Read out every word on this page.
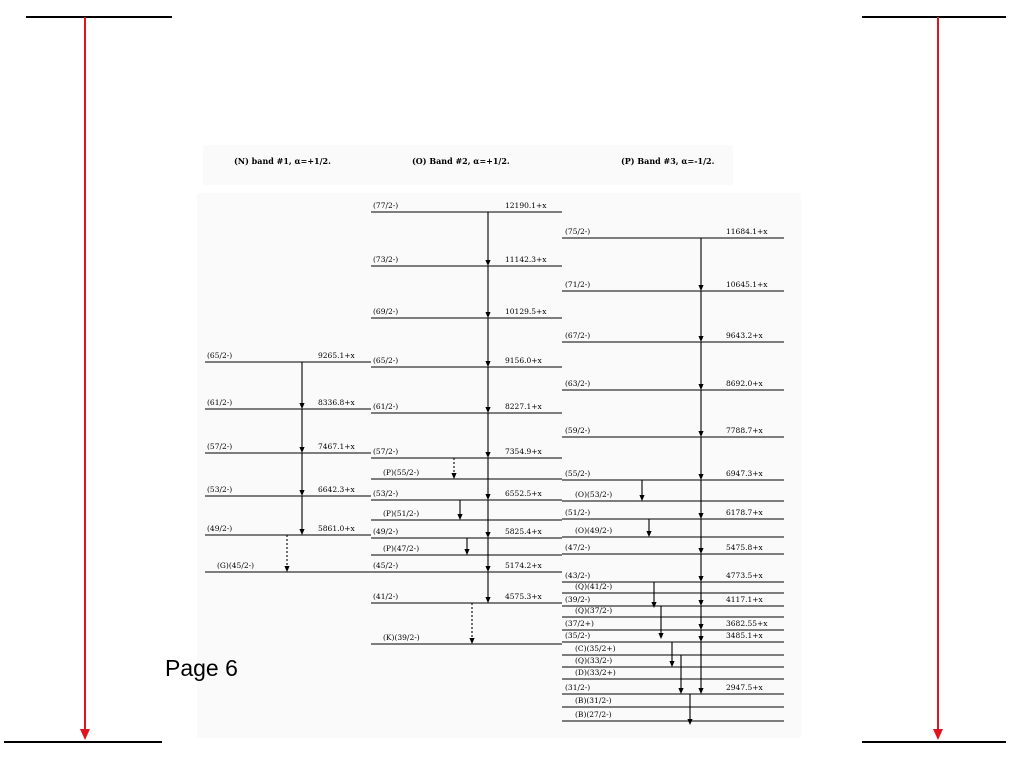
(N) band #1, α=+1/2.	(O) Band #2, α=+1/2.	(P) Band #3, α=-1/2.
(65/2-)	9265.1+x
(61/2-)	8336.8+x
(57/2-)	7467.1+x
(53/2-)	6642.3+x
(49/2-)	5861.0+x
(G)(45/2-)
(77/2-)	12190.1+x
(73/2-)	11142.3+x
(69/2-)	10129.5+x
(65/2-)	9156.0+x
(61/2-)	8227.1+x
(57/2-)	7354.9+x
(P)(55/2-)
(53/2-)	6552.5+x
(P)(51/2-)
(49/2-)	5825.4+x
(P)(47/2-)
(45/2-)	5174.2+x
(41/2-)	4575.3+x
(K)(39/2-)
(75/2-)	11684.1+x
(71/2-)	10645.1+x
(67/2-)	9643.2+x
(63/2-)	8692.0+x
(59/2-)	7788.7+x
(55/2-)	6947.3+x
(O)(53/2-)
(51/2-)	6178.7+x
(O)(49/2-)
(47/2-)	5475.8+x
(43/2-)	4773.5+x
(Q)(41/2-)
(39/2-)	4117.1+x
(Q)(37/2-)
(37/2+)	3682.55+x
(35/2-)	3485.1+x
(C)(35/2+)
(Q)(33/2-)
(D)(33/2+)
(31/2-)	2947.5+x
(B)(31/2-)
(B)(27/2-)
Page 6
